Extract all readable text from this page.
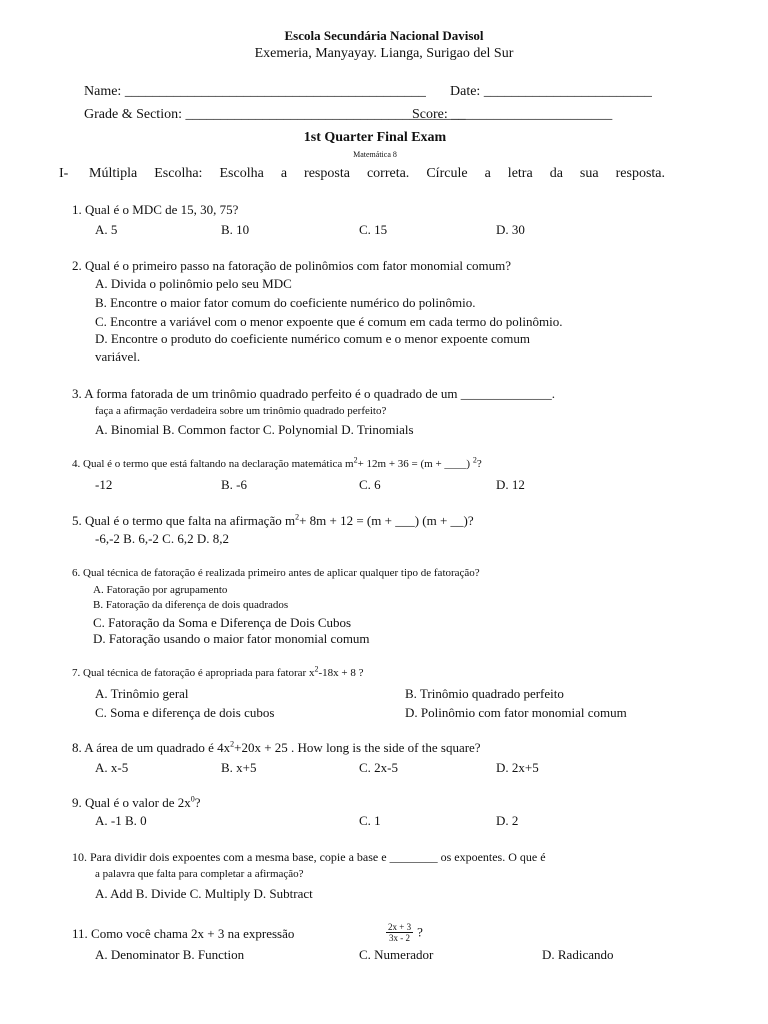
Escola Secundária Nacional Davisol
Exemeria, Manyayay. Lianga, Surigao del Sur
Name: ___________________________________________ Date: ________________________
Grade & Section: ________________________________________
Score: _______________________
1st Quarter Final Exam
Matemática 8
I- Múltipla Escolha: Escolha a resposta correta. Círcule a letra da sua resposta.
1. Qual é o MDC de 15, 30, 75?
A. 5	B. 10	C. 15	D. 30
2. Qual é o primeiro passo na fatoração de polinômios com fator monomial comum?
A. Divida o polinômio pelo seu MDC
B. Encontre o maior fator comum do coeficiente numérico do polinômio.
C. Encontre a variável com o menor expoente que é comum em cada termo do polinômio.
D. Encontre o produto do coeficiente numérico comum e o menor expoente comum
variável.
3. A forma fatorada de um trinômio quadrado perfeito é o quadrado de um ______________.
faça a afirmação verdadeira sobre um trinômio quadrado perfeito?
A. Binomial B. Common factor C. Polynomial D. Trinomials
4. Qual é o termo que está faltando na declaração matemática $m^2+ 12m + 36 = (m$ + ____) $^2$?
-12	B. -6	C. 6	D. 12
5. Qual é o termo que falta na afirmação $m^2+ 8m + 12 = (m$ + ___) (m + __)?
-6,-2 B. 6,-2 C. 6,2 D. 8,2
6. Qual técnica de fatoração é realizada primeiro antes de aplicar qualquer tipo de fatoração?
A. Fatoração por agrupamento
B. Fatoração da diferença de dois quadrados
C. Fatoração da Soma e Diferença de Dois Cubos
D. Fatoração usando o maior fator monomial comum
7. Qual técnica de fatoração é apropriada para fatorar $x^2-18x + 8$ ?
A. Trinômio geral	B. Trinômio quadrado perfeito
C. Soma e diferença de dois cubos	D. Polinômio com fator monomial comum
8. A área de um quadrado é $4x^2+20x + 25$ . How long is the side of the square?
A. x-5	B. x+5	C. 2x-5	D. 2x+5
9. Qual é o valor de $2x^0$?
A. -1 B. 0	C. 1	D. 2
10. Para dividir dois expoentes com a mesma base, copie a base e ________ os expoentes. O que é
a palavra que falta para completar a afirmação?
A. Add B. Divide C. Multiply D. Subtract
11. Como você chama 2x + 3 na expressão	$\frac{2x + 3}{3x - 2}$ ?
A. Denominator B. Function	C. Numerador	D. Radicando
